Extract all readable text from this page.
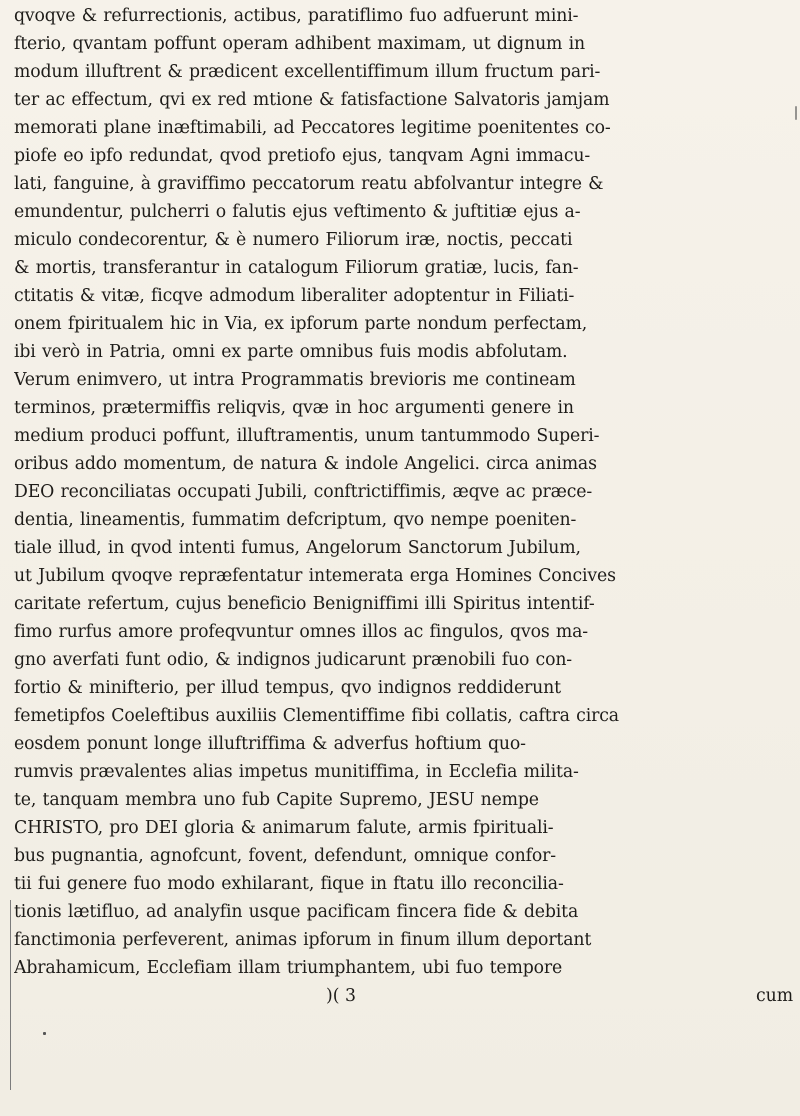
qvoqve & refurrectionis, actibus, paratiflimo fuo adfuerunt mini-
fterio, qvantam poffunt operam adhibent maximam, ut dignum in
modum illuftrent & prædicent excellentiffimum illum fructum pari-
ter ac effectum, qvi ex red mtione & fatisfactione Salvatoris jamjam
memorati plane inæftimabili, ad Peccatores legitime poenitentes co-
piofe eo ipfo redundat, qvod pretiofo ejus, tanqvam Agni immacu-
lati, fanguine, à graviffimo peccatorum reatu abfolvantur integre &
emundentur, pulcherri o falutis ejus veftimento & juftitiæ ejus a-
miculo condecorentur, & è numero Filiorum iræ, noctis, peccati
& mortis, transferantur in catalogum Filiorum gratiæ, lucis, fan-
ctitatis & vitæ, ficqve admodum liberaliter adoptentur in Filiati-
onem fpiritualem hic in Via, ex ipforum parte nondum perfectam,
ibi verò in Patria, omni ex parte omnibus fuis modis abfolutam.
Verum enimvero, ut intra Programmatis brevioris me contineam
terminos, prætermiffis reliqvis, qvæ in hoc argumenti genere in
medium produci poffunt, illuftramentis, unum tantummodo Superi-
oribus addo momentum, de natura & indole Angelici. circa animas
DEO reconciliatas occupati Jubili, conftrictiffimis, æqve ac præce-
dentia, lineamentis, fummatim defcriptum, qvo nempe poeniten-
tiale illud, in qvod intenti fumus, Angelorum Sanctorum Jubilum,
ut Jubilum qvoqve repræfentatur intemerata erga Homines Concives
caritate refertum, cujus beneficio Benigniffimi illi Spiritus intentif-
fimo rurfus amore profeqvuntur omnes illos ac fingulos, qvos ma-
gno averfati funt odio, & indignos judicarunt prænobili fuo con-
fortio & minifterio, per illud tempus, qvo indignos reddiderunt
femetipfos Coeleftibus auxiliis Clementiffime fibi collatis, caftra circa
eosdem ponunt longe illuftriffima & adverfus hoftium quo-
rumvis prævalentes alias impetus munitiffima, in Ecclefia milita-
te, tanquam membra uno fub Capite Supremo, JESU nempe
CHRISTO, pro DEI gloria & animarum falute, armis fpirituali-
bus pugnantia, agnofcunt, fovent, defendunt, omnique confor-
tii fui genere fuo modo exhilarant, fique in ftatu illo reconcilia-
tionis lætifluo, ad analyfin usque pacificam fincera fide & debita
fanctimonia perfeverent, animas ipforum in finum illum deportant
Abrahamicum, Ecclefiam illam triumphantem, ubi fuo tempore
)( 3	cum
